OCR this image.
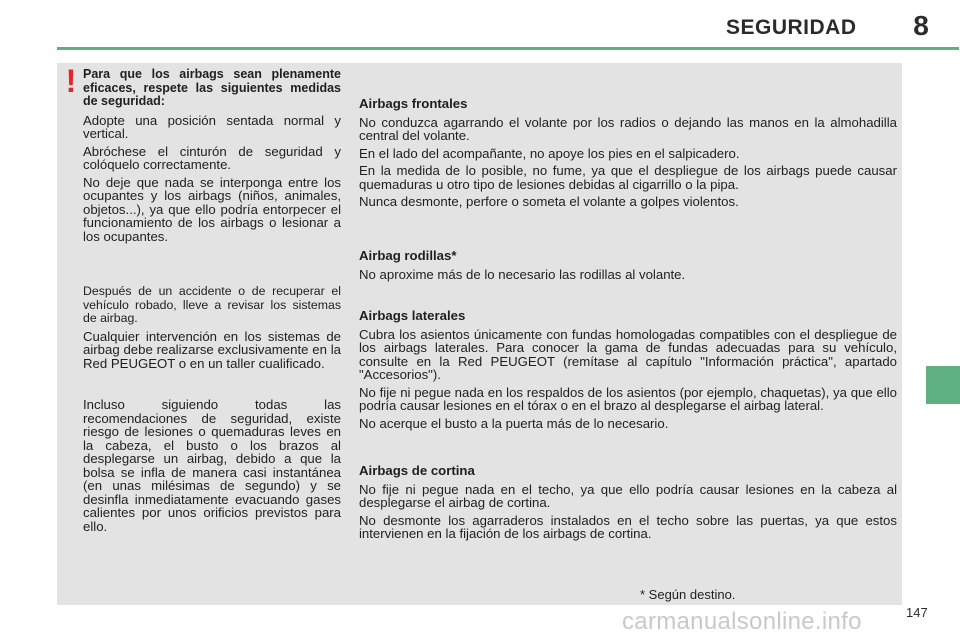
SEGURIDAD	8
! Para que los airbags sean plenamente eficaces, respete las siguientes medidas de seguridad:

Adopte una posición sentada normal y vertical.

Abróchese el cinturón de seguridad y colóquelo correctamente.

No deje que nada se interponga entre los ocupantes y los airbags (niños, animales, objetos...), ya que ello podría entorpecer el funcionamiento de los airbags o lesionar a los ocupantes.

Después de un accidente o de recuperar el vehículo robado, lleve a revisar los sistemas de airbag.

Cualquier intervención en los sistemas de airbag debe realizarse exclusivamente en la Red PEUGEOT o en un taller cualificado.

Incluso siguiendo todas las recomendaciones de seguridad, existe riesgo de lesiones o quemaduras leves en la cabeza, el busto o los brazos al desplegarse un airbag, debido a que la bolsa se infla de manera casi instantánea (en unas milésimas de segundo) y se desinfla inmediatamente evacuando gases calientes por unos orificios previstos para ello.

Airbags frontales

No conduzca agarrando el volante por los radios o dejando las manos en la almohadilla central del volante.

En el lado del acompañante, no apoye los pies en el salpicadero.

En la medida de lo posible, no fume, ya que el despliegue de los airbags puede causar quemaduras u otro tipo de lesiones debidas al cigarrillo o la pipa.

Nunca desmonte, perfore o someta el volante a golpes violentos.

Airbag rodillas*

No aproxime más de lo necesario las rodillas al volante.

Airbags laterales

Cubra los asientos únicamente con fundas homologadas compatibles con el despliegue de los airbags laterales. Para conocer la gama de fundas adecuadas para su vehículo, consulte en la Red PEUGEOT (remítase al capítulo "Información práctica", apartado "Accesorios").

No fije ni pegue nada en los respaldos de los asientos (por ejemplo, chaquetas), ya que ello podría causar lesiones en el tórax o en el brazo al desplegarse el airbag lateral.

No acerque el busto a la puerta más de lo necesario.

Airbags de cortina

No fije ni pegue nada en el techo, ya que ello podría causar lesiones en la cabeza al desplegarse el airbag de cortina.

No desmonte los agarraderos instalados en el techo sobre las puertas, ya que estos intervienen en la fijación de los airbags de cortina.

* Según destino.
147
carmanualsonline.info
